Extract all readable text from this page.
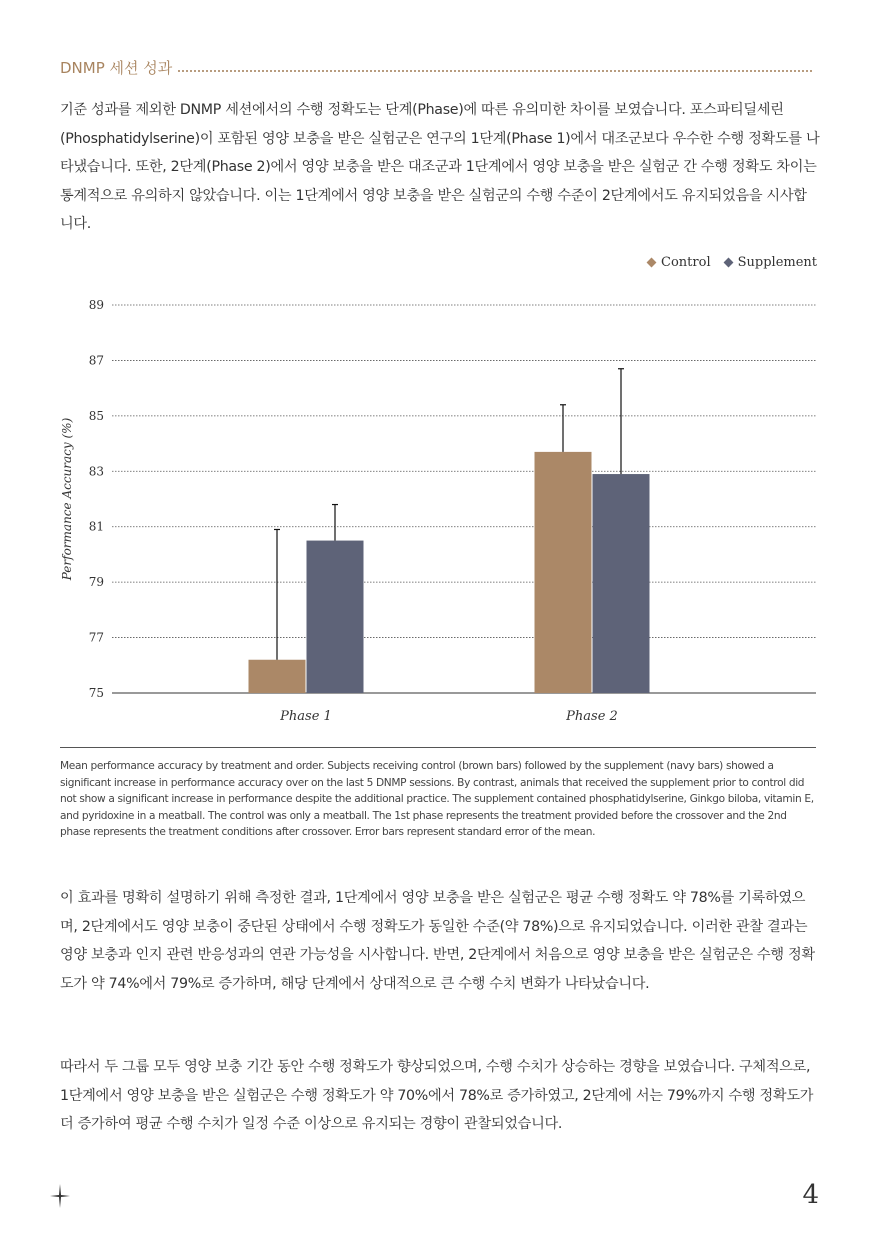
DNMP 세션 성과

기준 성과를 제외한 DNMP 세션에서의 수행 정확도는 단계(Phase)에 따른 유의미한 차이를 보였습니다. 포스파티딜세린(Phosphatidylserine)이 포함된 영양 보충을 받은 실험군은 연구의 1단계(Phase 1)에서 대조군보다 우수한 수행 정확도를 나타냈습니다. 또한, 2단계(Phase 2)에서 영양 보충을 받은 대조군과 1단계에서 영양 보충을 받은 실험군 간 수행 정확도 차이는 통계적으로 유의하지 않았습니다. 이는 1단계에서 영양 보충을 받은 실험군의 수행 수준이 2단계에서도 유지되었음을 시사합니다.

Control Supplement
75
77
79
81
83
85
87
89
Performance Accuracy (%)
Phase 1	Phase 2

Mean performance accuracy by treatment and order. Subjects receiving control (brown bars) followed by the supplement (navy bars) showed a significant increase in performance accuracy over on the last 5 DNMP sessions. By contrast, animals that received the supplement prior to control did not show a significant increase in performance despite the additional practice. The supplement contained phosphatidylserine, Ginkgo biloba, vitamin E, and pyridoxine in a meatball. The control was only a meatball. The 1st phase represents the treatment provided before the crossover and the 2nd phase represents the treatment conditions after crossover. Error bars represent standard error of the mean.

이 효과를 명확히 설명하기 위해 측정한 결과, 1단계에서 영양 보충을 받은 실험군은 평균 수행 정확도 약 78%를 기록하였으며, 2단계에서도 영양 보충이 중단된 상태에서 수행 정확도가 동일한 수준(약 78%)으로 유지되었습니다. 이러한 관찰 결과는 영양 보충과 인지 관련 반응성과의 연관 가능성을 시사합니다. 반면, 2단계에서 처음으로 영양 보충을 받은 실험군은 수행 정확도가 약 74%에서 79%로 증가하며, 해당 단계에서 상대적으로 큰 수행 수치 변화가 나타났습니다.

따라서 두 그룹 모두 영양 보충 기간 동안 수행 정확도가 향상되었으며, 수행 수치가 상승하는 경향을 보였습니다. 구체적으로, 1단계에서 영양 보충을 받은 실험군은 수행 정확도가 약 70%에서 78%로 증가하였고, 2단계에 서는 79%까지 수행 정확도가 더 증가하여 평균 수행 수치가 일정 수준 이상으로 유지되는 경향이 관찰되었습니다.

4
